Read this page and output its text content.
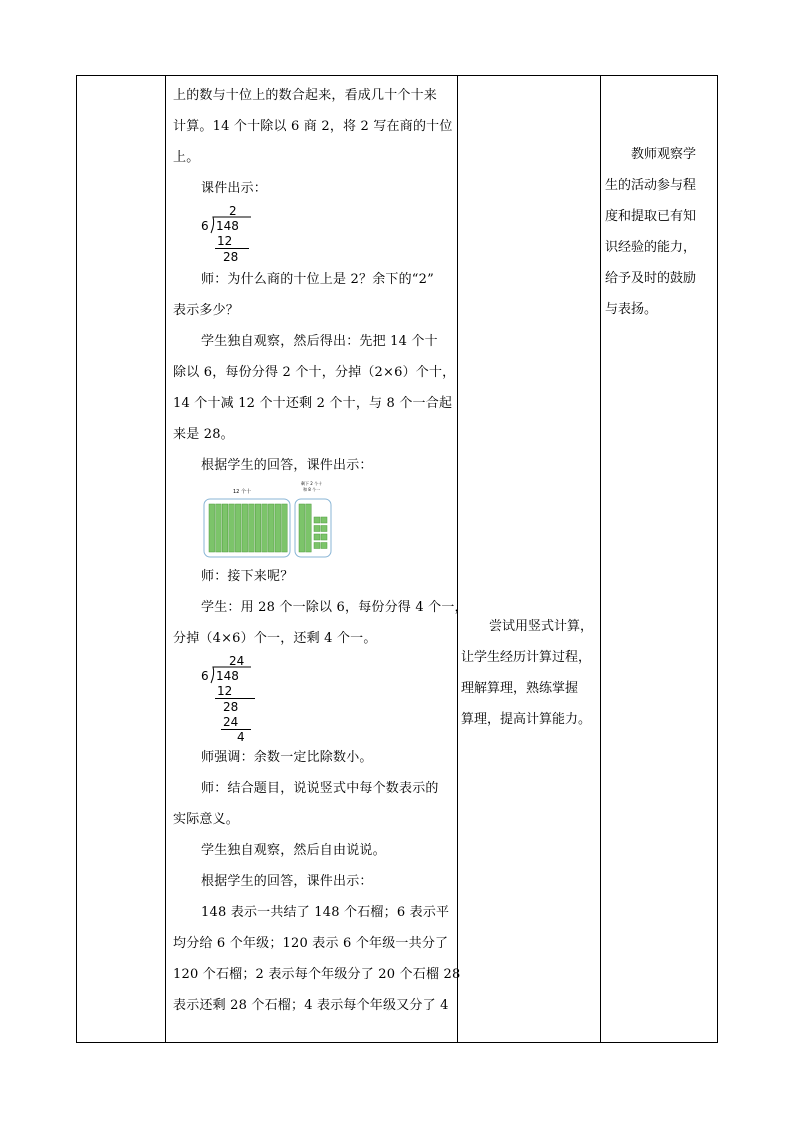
上的数与十位上的数合起来，看成几十个十来

计算。14 个十除以 6 商 2，将 2 写在商的十位

上。

课件出示：

2
6 148
12
28

师：为什么商的十位上是 2？余下的“2”

表示多少？

学生独自观察，然后得出：先把 14 个十

除以 6，每份分得 2 个十，分掉（2×6）个十，

14 个十减 12 个十还剩 2 个十，与 8 个一合起

来是 28。

根据学生的回答，课件出示：

12 个十
剩下 2 个十
和 8 个一

师：接下来呢？

学生：用 28 个一除以 6，每份分得 4 个一，

分掉（4×6）个一，还剩 4 个一。

24
6 148
12
28
24
4

师强调：余数一定比除数小。

师：结合题目，说说竖式中每个数表示的

实际意义。

学生独自观察，然后自由说说。

根据学生的回答，课件出示：

148 表示一共结了 148 个石榴；6 表示平

均分给 6 个年级；120 表示 6 个年级一共分了

120 个石榴；2 表示每个年级分了 20 个石榴 28

表示还剩 28 个石榴；4 表示每个年级又分了 4

尝试用竖式计算，

让学生经历计算过程，

理解算理，熟练掌握

算理，提高计算能力。

教师观察学

生的活动参与程

度和提取已有知

识经验的能力，

给予及时的鼓励

与表扬。
